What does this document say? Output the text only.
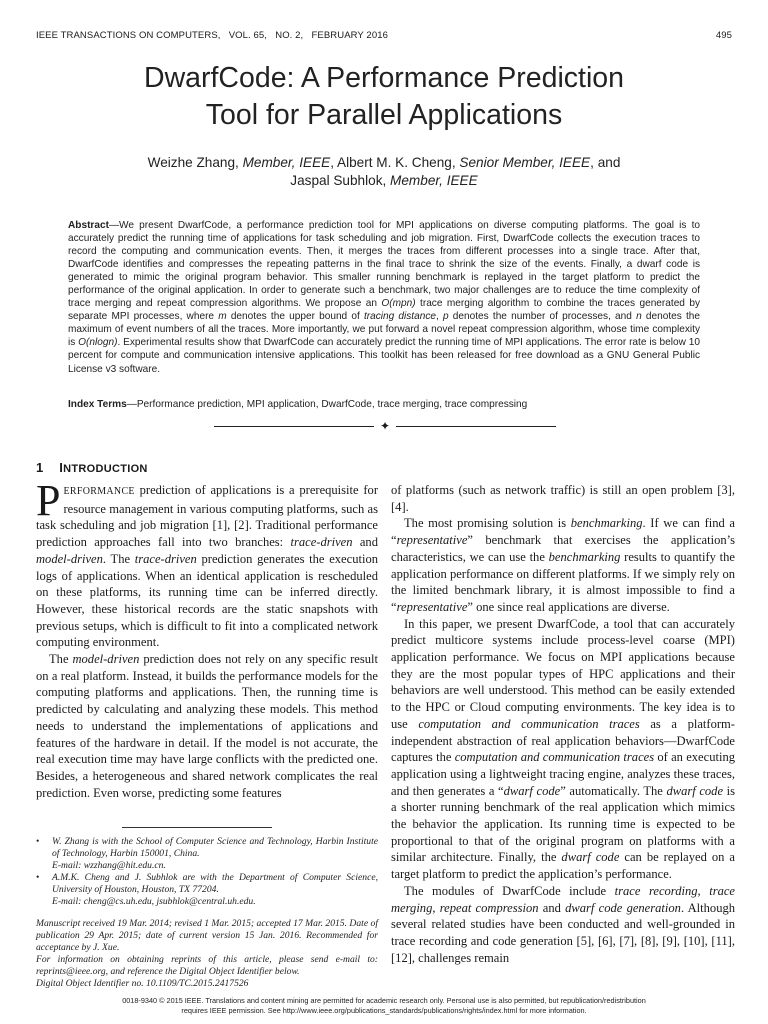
IEEE TRANSACTIONS ON COMPUTERS,   VOL. 65,   NO. 2,   FEBRUARY 2016	495
DwarfCode: A Performance Prediction
Tool for Parallel Applications
Weizhe Zhang, Member, IEEE, Albert M. K. Cheng, Senior Member, IEEE, and
Jaspal Subhlok, Member, IEEE
Abstract—We present DwarfCode, a performance prediction tool for MPI applications on diverse computing platforms. The goal is to accurately predict the running time of applications for task scheduling and job migration. First, DwarfCode collects the execution traces to record the computing and communication events. Then, it merges the traces from different processes into a single trace. After that, DwarfCode identifies and compresses the repeating patterns in the final trace to shrink the size of the events. Finally, a dwarf code is generated to mimic the original program behavior. This smaller running benchmark is replayed in the target platform to predict the performance of the original application. In order to generate such a benchmark, two major challenges are to reduce the time complexity of trace merging and repeat compression algorithms. We propose an O(mpn) trace merging algorithm to combine the traces generated by separate MPI processes, where m denotes the upper bound of tracing distance, p denotes the number of processes, and n denotes the maximum of event numbers of all the traces. More importantly, we put forward a novel repeat compression algorithm, whose time complexity is O(nlogn). Experimental results show that DwarfCode can accurately predict the running time of MPI applications. The error rate is below 10 percent for compute and communication intensive applications. This toolkit has been released for free download as a GNU General Public License v3 software.
Index Terms—Performance prediction, MPI application, DwarfCode, trace merging, trace compressing
✦
1 INTRODUCTION

PERFORMANCE prediction of applications is a prerequisite for resource management in various computing platforms, such as task scheduling and job migration [1], [2]. Traditional performance prediction approaches fall into two branches: trace-driven and model-driven. The trace-driven prediction generates the execution logs of applications. When an identical application is rescheduled on these platforms, its running time can be inferred directly. However, these historical records are the static snapshots with previous setups, which is difficult to fit into a complicated network computing environment.

The model-driven prediction does not rely on any specific result on a real platform. Instead, it builds the performance models for the computing platforms and applications. Then, the running time is predicted by calculating and analyzing these models. This method needs to understand the implementations of applications and features of the hardware in detail. If the model is not accurate, the real execution time may have large conflicts with the predicted one. Besides, a heterogeneous and shared network complicates the real prediction. Even worse, predicting some features

of platforms (such as network traffic) is still an open problem [3], [4].

The most promising solution is benchmarking. If we can find a “representative” benchmark that exercises the application’s characteristics, we can use the benchmarking results to quantify the application performance on different platforms. If we simply rely on the limited benchmark library, it is almost impossible to find a “representative” one since real applications are diverse.

In this paper, we present DwarfCode, a tool that can accurately predict multicore systems include process-level coarse (MPI) application performance. We focus on MPI applications because they are the most popular types of HPC applications and their behaviors are well understood. This method can be easily extended to the HPC or Cloud computing environments. The key idea is to use computation and communication traces as a platform-independent abstraction of real application behaviors—DwarfCode captures the computation and communication traces of an executing application using a lightweight tracing engine, analyzes these traces, and then generates a “dwarf code” automatically. The dwarf code is a shorter running benchmark of the real application which mimics the behavior the application. Its running time is expected to be proportional to that of the original program on platforms with a similar architecture. Finally, the dwarf code can be replayed on a target platform to predict the application’s performance.

The modules of DwarfCode include trace recording, trace merging, repeat compression and dwarf code generation. Although several related studies have been conducted and well-grounded in trace recording and code generation [5], [6], [7], [8], [9], [10], [11], [12], challenges remain

• W. Zhang is with the School of Computer Science and Technology, Harbin Institute of Technology, Harbin 150001, China.
E-mail: wzzhang@hit.edu.cn.
• A.M.K. Cheng and J. Subhlok are with the Department of Computer Science, University of Houston, Houston, TX 77204.
E-mail: cheng@cs.uh.edu, jsubhlok@central.uh.edu.
Manuscript received 19 Mar. 2014; revised 1 Mar. 2015; accepted 17 Mar. 2015. Date of publication 29 Apr. 2015; date of current version 15 Jan. 2016. Recommended for acceptance by J. Xue.
For information on obtaining reprints of this article, please send e-mail to: reprints@ieee.org, and reference the Digital Object Identifier below.
Digital Object Identifier no. 10.1109/TC.2015.2417526
0018-9340 © 2015 IEEE. Translations and content mining are permitted for academic research only. Personal use is also permitted, but republication/redistribution
requires IEEE permission. See http://www.ieee.org/publications_standards/publications/rights/index.html for more information.
